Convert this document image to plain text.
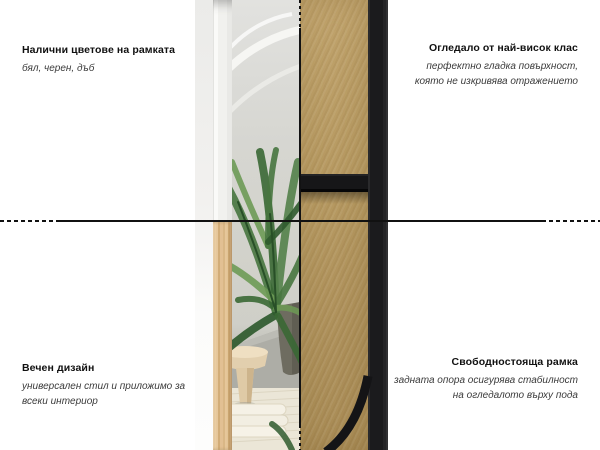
Налични цветове на рамката
бял, черен, дъб
Огледало от най-висок клас
перфектно гладка повърхност,
която не изкривява отражението
Вечен дизайн
универсален стил и приложимо за
всеки интериор
Свободностояща рамка
задната опора осигурява стабилност
на огледалото върху пода
